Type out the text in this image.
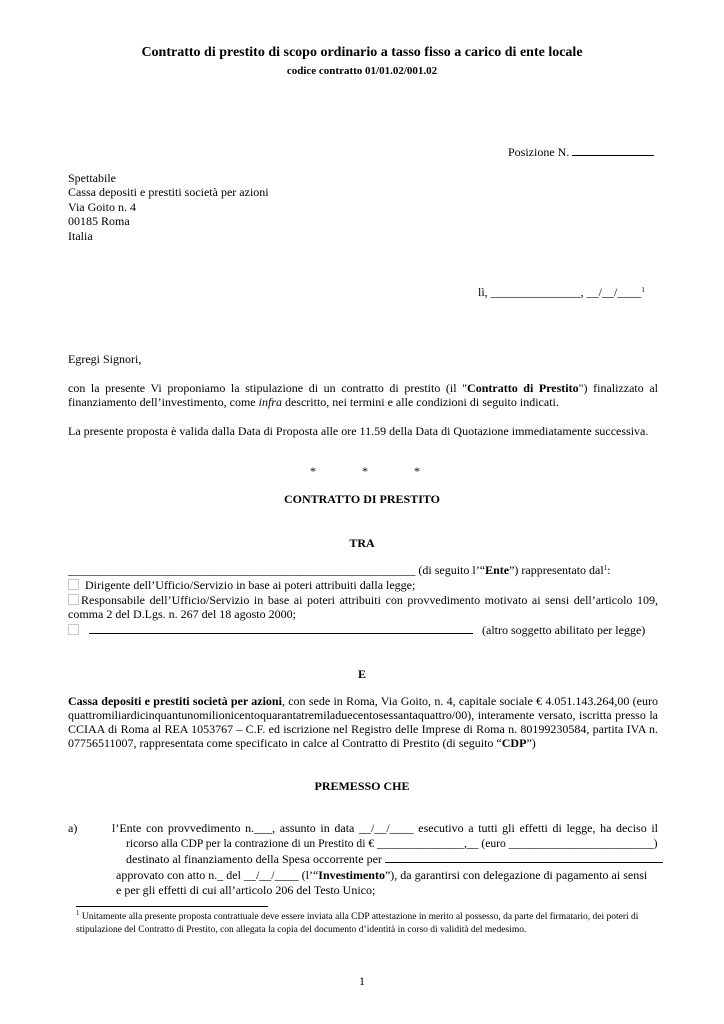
Contratto di prestito di scopo ordinario a tasso fisso a carico di ente locale
codice contratto 01/01.02/001.02
Posizione N.
Spettabile
Cassa depositi e prestiti società per azioni
Via Goito n. 4
00185 Roma
Italia
lì, _______________, __/__/____$^1$
Egregi Signori,
con la presente Vi proponiamo la stipulazione di un contratto di prestito (il "Contratto di Prestito") finalizzato al finanziamento dell’investimento, come infra descritto, nei termini e alle condizioni di seguito indicati.
La presente proposta è valida dalla Data di Proposta alle ore 11.59 della Data di Quotazione immediatamente successiva.
*	*	*
CONTRATTO DI PRESTITO
TRA
_____________________________________________________________ (di seguito l’“Ente”) rappresentato dal$^1$:
Dirigente dell’Ufficio/Servizio in base ai poteri attribuiti dalla legge;
Responsabile dell’Ufficio/Servizio in base ai poteri attribuiti con provvedimento motivato ai sensi dell’articolo 109, comma 2 del D.Lgs. n. 267 del 18 agosto 2000;
(altro soggetto abilitato per legge)
E
Cassa depositi e prestiti società per azioni, con sede in Roma, Via Goito, n. 4, capitale sociale € 4.051.143.264,00 (euro quattromiliardicinquantunomilionicentoquarantatremiladuecentosessantaquattro/00), interamente versato, iscritta presso la CCIAA di Roma al REA 1053767 – C.F. ed iscrizione nel Registro delle Imprese di Roma n. 80199230584, partita IVA n. 07756511007, rappresentata come specificato in calce al Contratto di Prestito (di seguito “CDP”)
PREMESSO CHE
a)	l’Ente con provvedimento n.___, assunto in data __/__/____ esecutivo a tutti gli effetti di legge, ha deciso il
ricorso alla CDP per la contrazione di un Prestito di € _______________,__ (euro _________________________)
destinato al finanziamento della Spesa occorrente per
approvato con atto n._ del __/__/____ (l’“Investimento”), da garantirsi con delegazione di pagamento ai sensi
e per gli effetti di cui all’articolo 206 del Testo Unico;
$^1$ Unitamente alla presente proposta contrattuale deve essere inviata alla CDP attestazione in merito al possesso, da parte del firmatario, dei poteri di stipulazione del Contratto di Prestito, con allegata la copia del documento d’identità in corso di validità del medesimo.
1
